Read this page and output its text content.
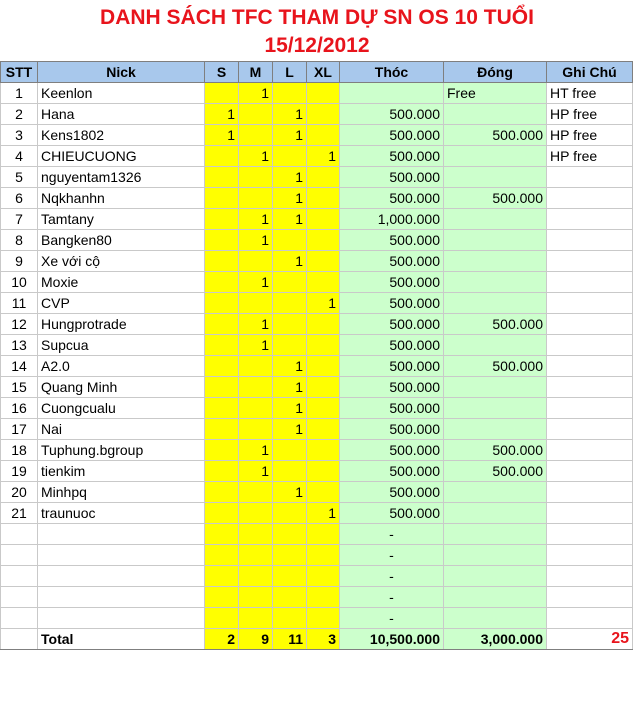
DANH SÁCH TFC THAM DỰ SN OS 10 TUỔI
15/12/2012
STT	Nick	S	M	L	XL	Thóc	Đóng	Ghi Chú
1	Keenlon		1				Free	HT free
2	Hana	1		1		500.000		HP free
3	Kens1802	1		1		500.000	500.000	HP free
4	CHIEUCUONG		1		1	500.000		HP free
5	nguyentam1326			1		500.000		
6	Nqkhanhn			1		500.000	500.000	
7	Tamtany		1	1		1,000.000		
8	Bangken80		1			500.000		
9	Xe với cộ			1		500.000		
10	Moxie		1			500.000		
11	CVP				1	500.000		
12	Hungprotrade		1			500.000	500.000	
13	Supcua		1			500.000		
14	A2.0			1		500.000	500.000	
15	Quang Minh			1		500.000		
16	Cuongcualu			1		500.000		
17	Nai			1		500.000		
18	Tuphung.bgroup		1			500.000	500.000	
19	tienkim		1			500.000	500.000	
20	Minhpq			1		500.000		
21	traunuoc				1	500.000		
						-		
						-		
						-		
						-		
						-		
	Total	2	9	11	3	10,500.000	3,000.000	25
